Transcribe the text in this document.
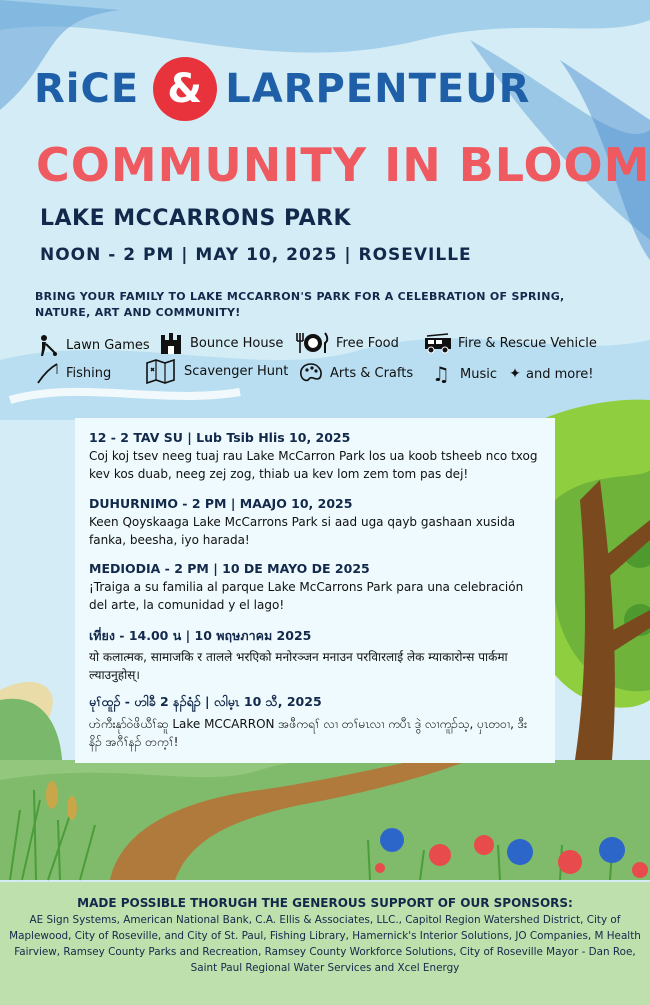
RiCE & LARPENTEUR
COMMUNITY IN BLOOM
LAKE MCCARRONS PARK
NOON - 2 PM | MAY 10, 2025 | ROSEVILLE
BRING YOUR FAMILY TO LAKE MCCARRON'S PARK FOR A CELEBRATION OF SPRING, NATURE, ART AND COMMUNITY!
Lawn Games	Bounce House	Free Food	Fire & Rescue Vehicle
Fishing	Scavenger Hunt	Arts & Crafts ♫ Music ✦ and more!
12 - 2 TAV SU | Lub Tsib Hlis 10, 2025
Coj koj tsev neeg tuaj rau Lake McCarron Park los ua koob tsheeb nco txog kev kos duab, neeg zej zog, thiab ua kev lom zem tom pas dej!
DUHURNIMO - 2 PM | MAAJO 10, 2025
Keen Qoyskaaga Lake McCarrons Park si aad uga qayb gashaan xusida fanka, beesha, iyo harada!
MEDIODIA - 2 PM | 10 DE MAYO DE 2025
¡Traiga a su familia al parque Lake McCarrons Park para una celebración del arte, la comunidad y el lago!
เที่ยง - 14.00 น | 10 พฤษภาคม 2025
यो कलात्मक, सामाजकि र तालले भरएिको मनोरञ्जन मनाउन परविारलाई लेक म्याकारोन्स पार्कमा ल्याउनुहोस्।
မုၢ်ထူၣ် - ဟါခီ 2 နၣ်ရံၣ် | လါမ့ၤ 10 သီ, 2025
ဟဲကီးနုာ်ဝဲဖိယီၢ်ဆူ Lake MCCARRON အဖီကရၢ် လၢ တၢ်မၤလၢ ကပီၤ ဒွဲ လၢကူၣ်သ့, ပှၤတဝၢ, ဒီး နိၣ် အဂီၢ်နၣ် တက့ၢ်!
MADE POSSIBLE THORUGH THE GENEROUS SUPPORT OF OUR SPONSORS:
AE Sign Systems, American National Bank, C.A. Ellis & Associates, LLC., Capitol Region Watershed District, City of Maplewood, City of Roseville, and City of St. Paul, Fishing Library, Hamernick's Interior Solutions, JO Companies, M Health Fairview, Ramsey County Parks and Recreation, Ramsey County Workforce Solutions, City of Roseville Mayor - Dan Roe, Saint Paul Regional Water Services and Xcel Energy
